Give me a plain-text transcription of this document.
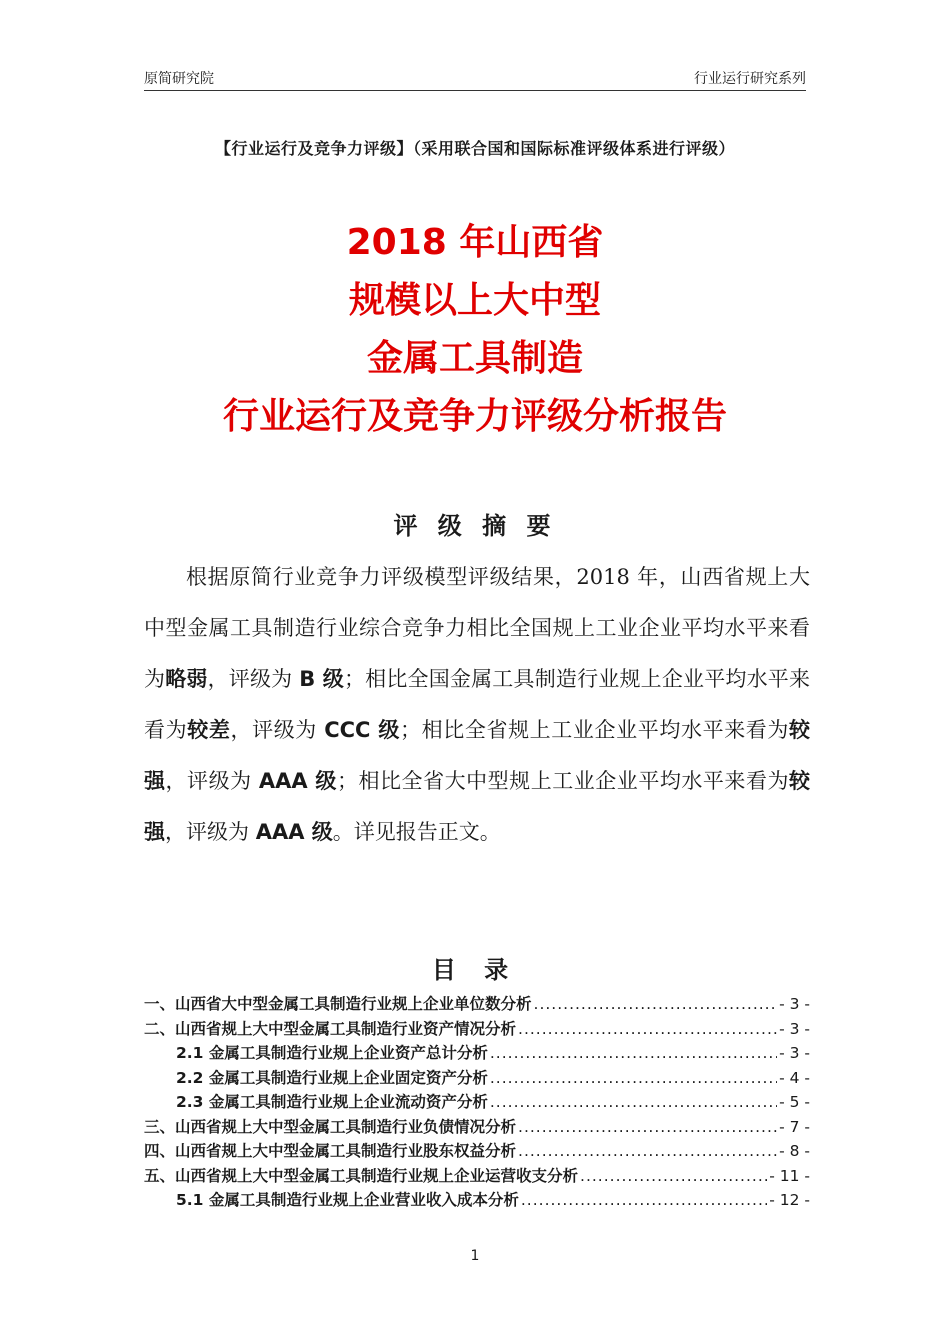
原简研究院	行业运行研究系列
【行业运行及竞争力评级】（采用联合国和国际标准评级体系进行评级）
2018 年山西省
规模以上大中型
金属工具制造
行业运行及竞争力评级分析报告
评 级 摘 要

根据原简行业竞争力评级模型评级结果，2018 年，山西省规上大中型金属工具制造行业综合竞争力相比全国规上工业企业平均水平来看为略弱，评级为 B 级；相比全国金属工具制造行业规上企业平均水平来看为较差，评级为 CCC 级；相比全省规上工业企业平均水平来看为较强，评级为 AAA 级；相比全省大中型规上工业企业平均水平来看为较强，评级为 AAA 级。详见报告正文。

目 录
一、山西省大中型金属工具制造行业规上企业单位数分析 .....	- 3 -
二、山西省规上大中型金属工具制造行业资产情况分析 .....	- 3 -
2.1 金属工具制造行业规上企业资产总计分析 .....	- 3 -
2.2 金属工具制造行业规上企业固定资产分析 .....	- 4 -
2.3 金属工具制造行业规上企业流动资产分析 .....	- 5 -
三、山西省规上大中型金属工具制造行业负债情况分析 .....	- 7 -
四、山西省规上大中型金属工具制造行业股东权益分析 .....	- 8 -
五、山西省规上大中型金属工具制造行业规上企业运营收支分析 .....	- 11 -
5.1 金属工具制造行业规上企业营业收入成本分析 .....	- 12 -
1
